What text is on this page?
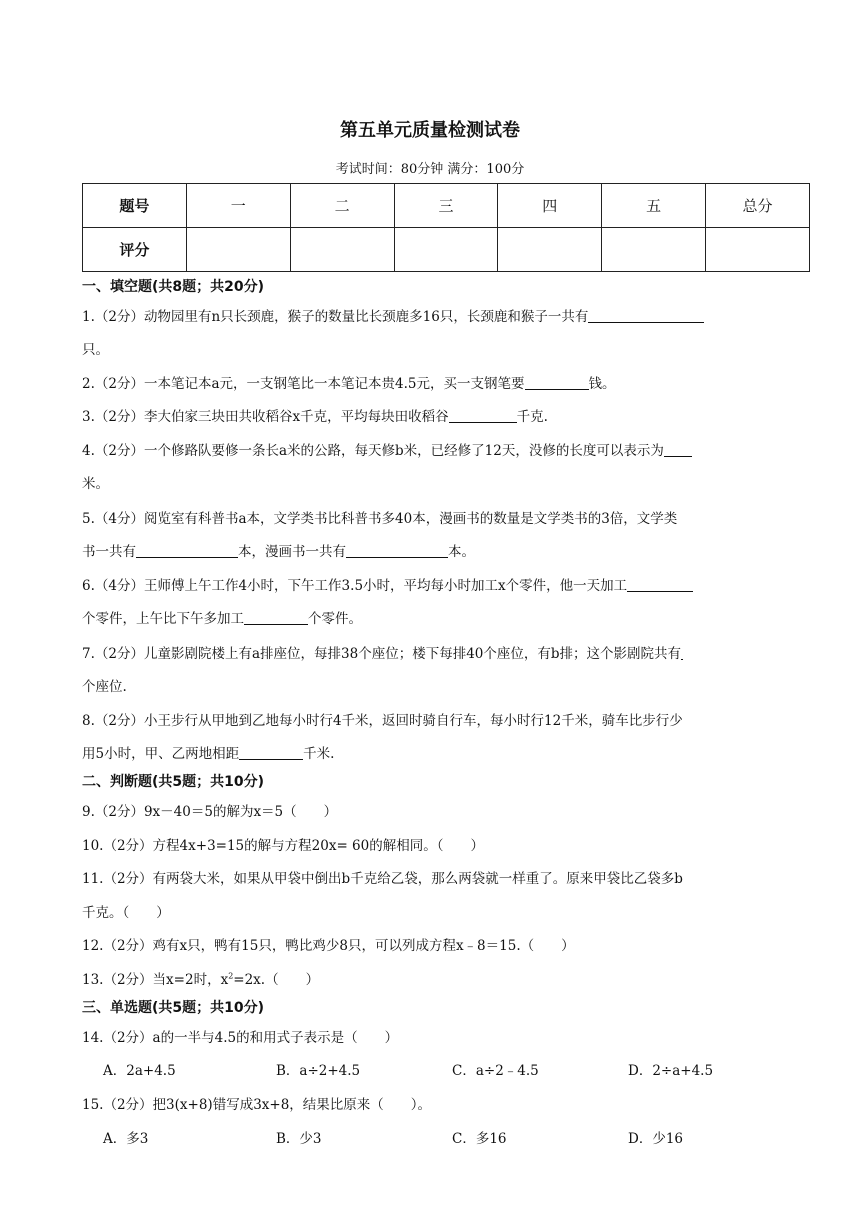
第五单元质量检测试卷
考试时间：80分钟 满分：100分
题号	一	二	三	四	五	总分
评分						
一、填空题(共8题；共20分)
1.（2分）动物园里有n只长颈鹿，猴子的数量比长颈鹿多16只，长颈鹿和猴子一共有
只。
2.（2分）一本笔记本a元，一支钢笔比一本笔记本贵4.5元，买一支钢笔要	钱。
3.（2分）李大伯家三块田共收稻谷x千克，平均每块田收稻谷	千克.
4.（2分）一个修路队要修一条长a米的公路，每天修b米，已经修了12天，没修的长度可以表示为
米。
5.（4分）阅览室有科普书a本，文学类书比科普书多40本，漫画书的数量是文学类书的3倍，文学类
书一共有	本，漫画书一共有	本。
6.（4分）王师傅上午工作4小时，下午工作3.5小时，平均每小时加工x个零件，他一天加工
个零件，上午比下午多加工	个零件。
7.（2分）儿童影剧院楼上有a排座位，每排38个座位；楼下每排40个座位，有b排；这个影剧院共有
个座位.
8.（2分）小王步行从甲地到乙地每小时行4千米，返回时骑自行车，每小时行12千米，骑车比步行少
用5小时，甲、乙两地相距	千米.
二、判断题(共5题；共10分)
9.（2分）9x－40＝5的解为x＝5（　　）
10.（2分）方程4x+3=15的解与方程20x= 60的解相同。（　　）
11.（2分）有两袋大米，如果从甲袋中倒出b千克给乙袋，那么两袋就一样重了。原来甲袋比乙袋多b
千克。（　　）
12.（2分）鸡有x只，鸭有15只，鸭比鸡少8只，可以列成方程x﹣8＝15.（　　）
13.（2分）当x=2时，$x^2=2x$.（　　）
三、单选题(共5题；共10分)
14.（2分）a的一半与4.5的和用式子表示是（　　）
A．2a+4.5	B．a÷2+4.5	C．a÷2﹣4.5	D．2÷a+4.5
15.（2分）把3(x+8)错写成3x+8，结果比原来（　　）。
A．多3	B．少3	C．多16	D．少16
